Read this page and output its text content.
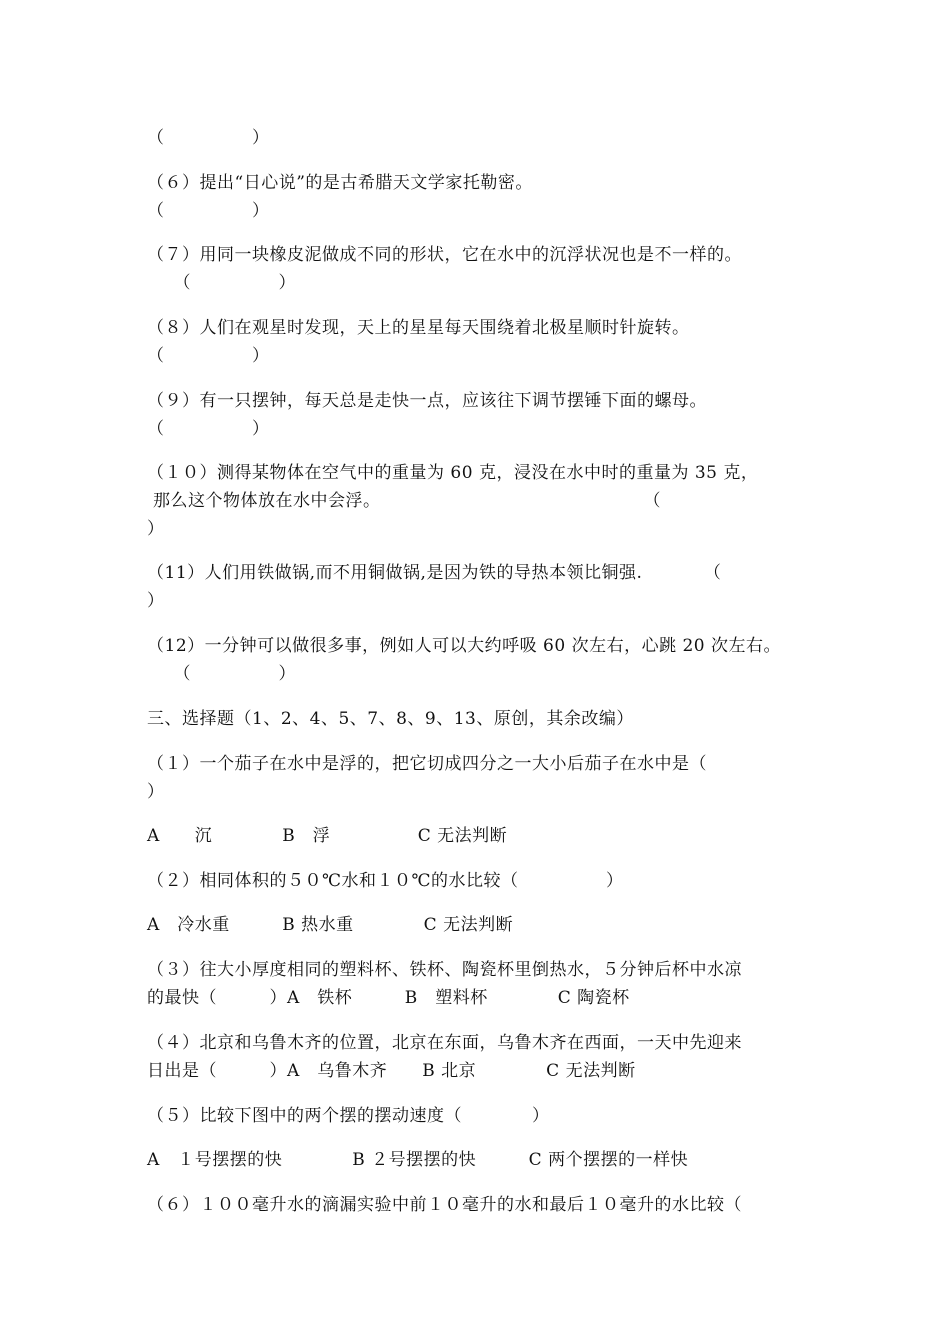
（　　　　　）
（６）提出“日心说”的是古希腊天文学家托勒密。
（　　　　　）
（７）用同一块橡皮泥做成不同的形状，它在水中的沉浮状况也是不一样的。
　　（　　　　　）
（８）人们在观星时发现，天上的星星每天围绕着北极星顺时针旋转。
（　　　　　）
（９）有一只摆钟，每天总是走快一点，应该往下调节摆锤下面的螺母。
（　　　　　）
（１０）测得某物体在空气中的重量为 60 克，浸没在水中时的重量为 35 克，
那么这个物体放在水中会浮。　　　　　　　　　　　　　　　　（
）
（11）人们用铁做锅,而不用铜做锅,是因为铁的导热本领比铜强.　　　　（
）
（12）一分钟可以做很多事，例如人可以大约呼吸 60 次左右，心跳 20 次左右。
　　（　　　　　）
三、选择题（1、2、4、5、7、8、9、13、原创，其余改编）
（１）一个茄子在水中是浮的，把它切成四分之一大小后茄子在水中是（
）
A　　沉　　　　B　浮　　　　　C 无法判断
（２）相同体积的５０℃水和１０℃的水比较（　　　　　）
A　冷水重　　　B 热水重　　　　C 无法判断
（３）往大小厚度相同的塑料杯、铁杯、陶瓷杯里倒热水，５分钟后杯中水凉
的最快（　　　）A　铁杯　　　B　塑料杯　　　　C 陶瓷杯
（４）北京和乌鲁木齐的位置，北京在东面，乌鲁木齐在西面，一天中先迎来
日出是（　　　）A　乌鲁木齐　　B 北京　　　　C 无法判断
（５）比较下图中的两个摆的摆动速度（　　　　）
A　１号摆摆的快　　　　B ２号摆摆的快　　　C 两个摆摆的一样快
（６）１００毫升水的滴漏实验中前１０毫升的水和最后１０毫升的水比较（
